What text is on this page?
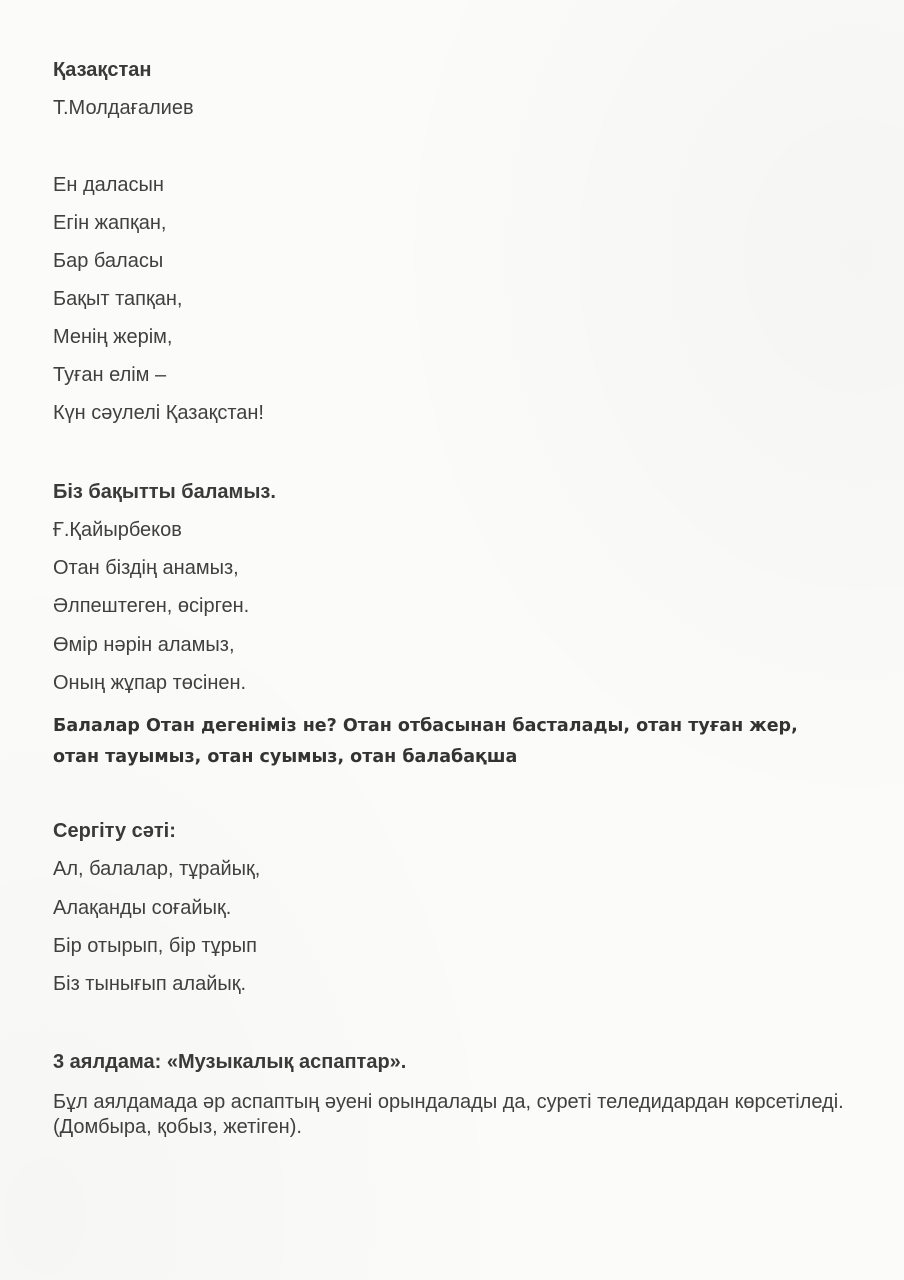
Қазақстан
Т.Молдағалиев
Ен даласын
Егін жапқан,
Бар баласы
Бақыт тапқан,
Менің жерім,
Туған елім –
Күн сәулелі Қазақстан!
Біз бақытты баламыз.
Ғ.Қайырбеков
Отан біздің анамыз,
Әлпештеген, өсірген.
Өмір нәрін аламыз,
Оның жұпар төсінен.
Балалар Отан дегеніміз не? Отан отбасынан басталады, отан туған жер,
отан тауымыз, отан суымыз, отан балабақша
Сергіту сәті:
Ал, балалар, тұрайық,
Алақанды соғайық.
Бір отырып, бір тұрып
Біз тынығып алайық.
3 аялдама: «Музыкалық аспаптар».
Бұл аялдамада әр аспаптың әуені орындалады да, суреті теледидардан көрсетіледі. (Домбыра, қобыз, жетіген).
